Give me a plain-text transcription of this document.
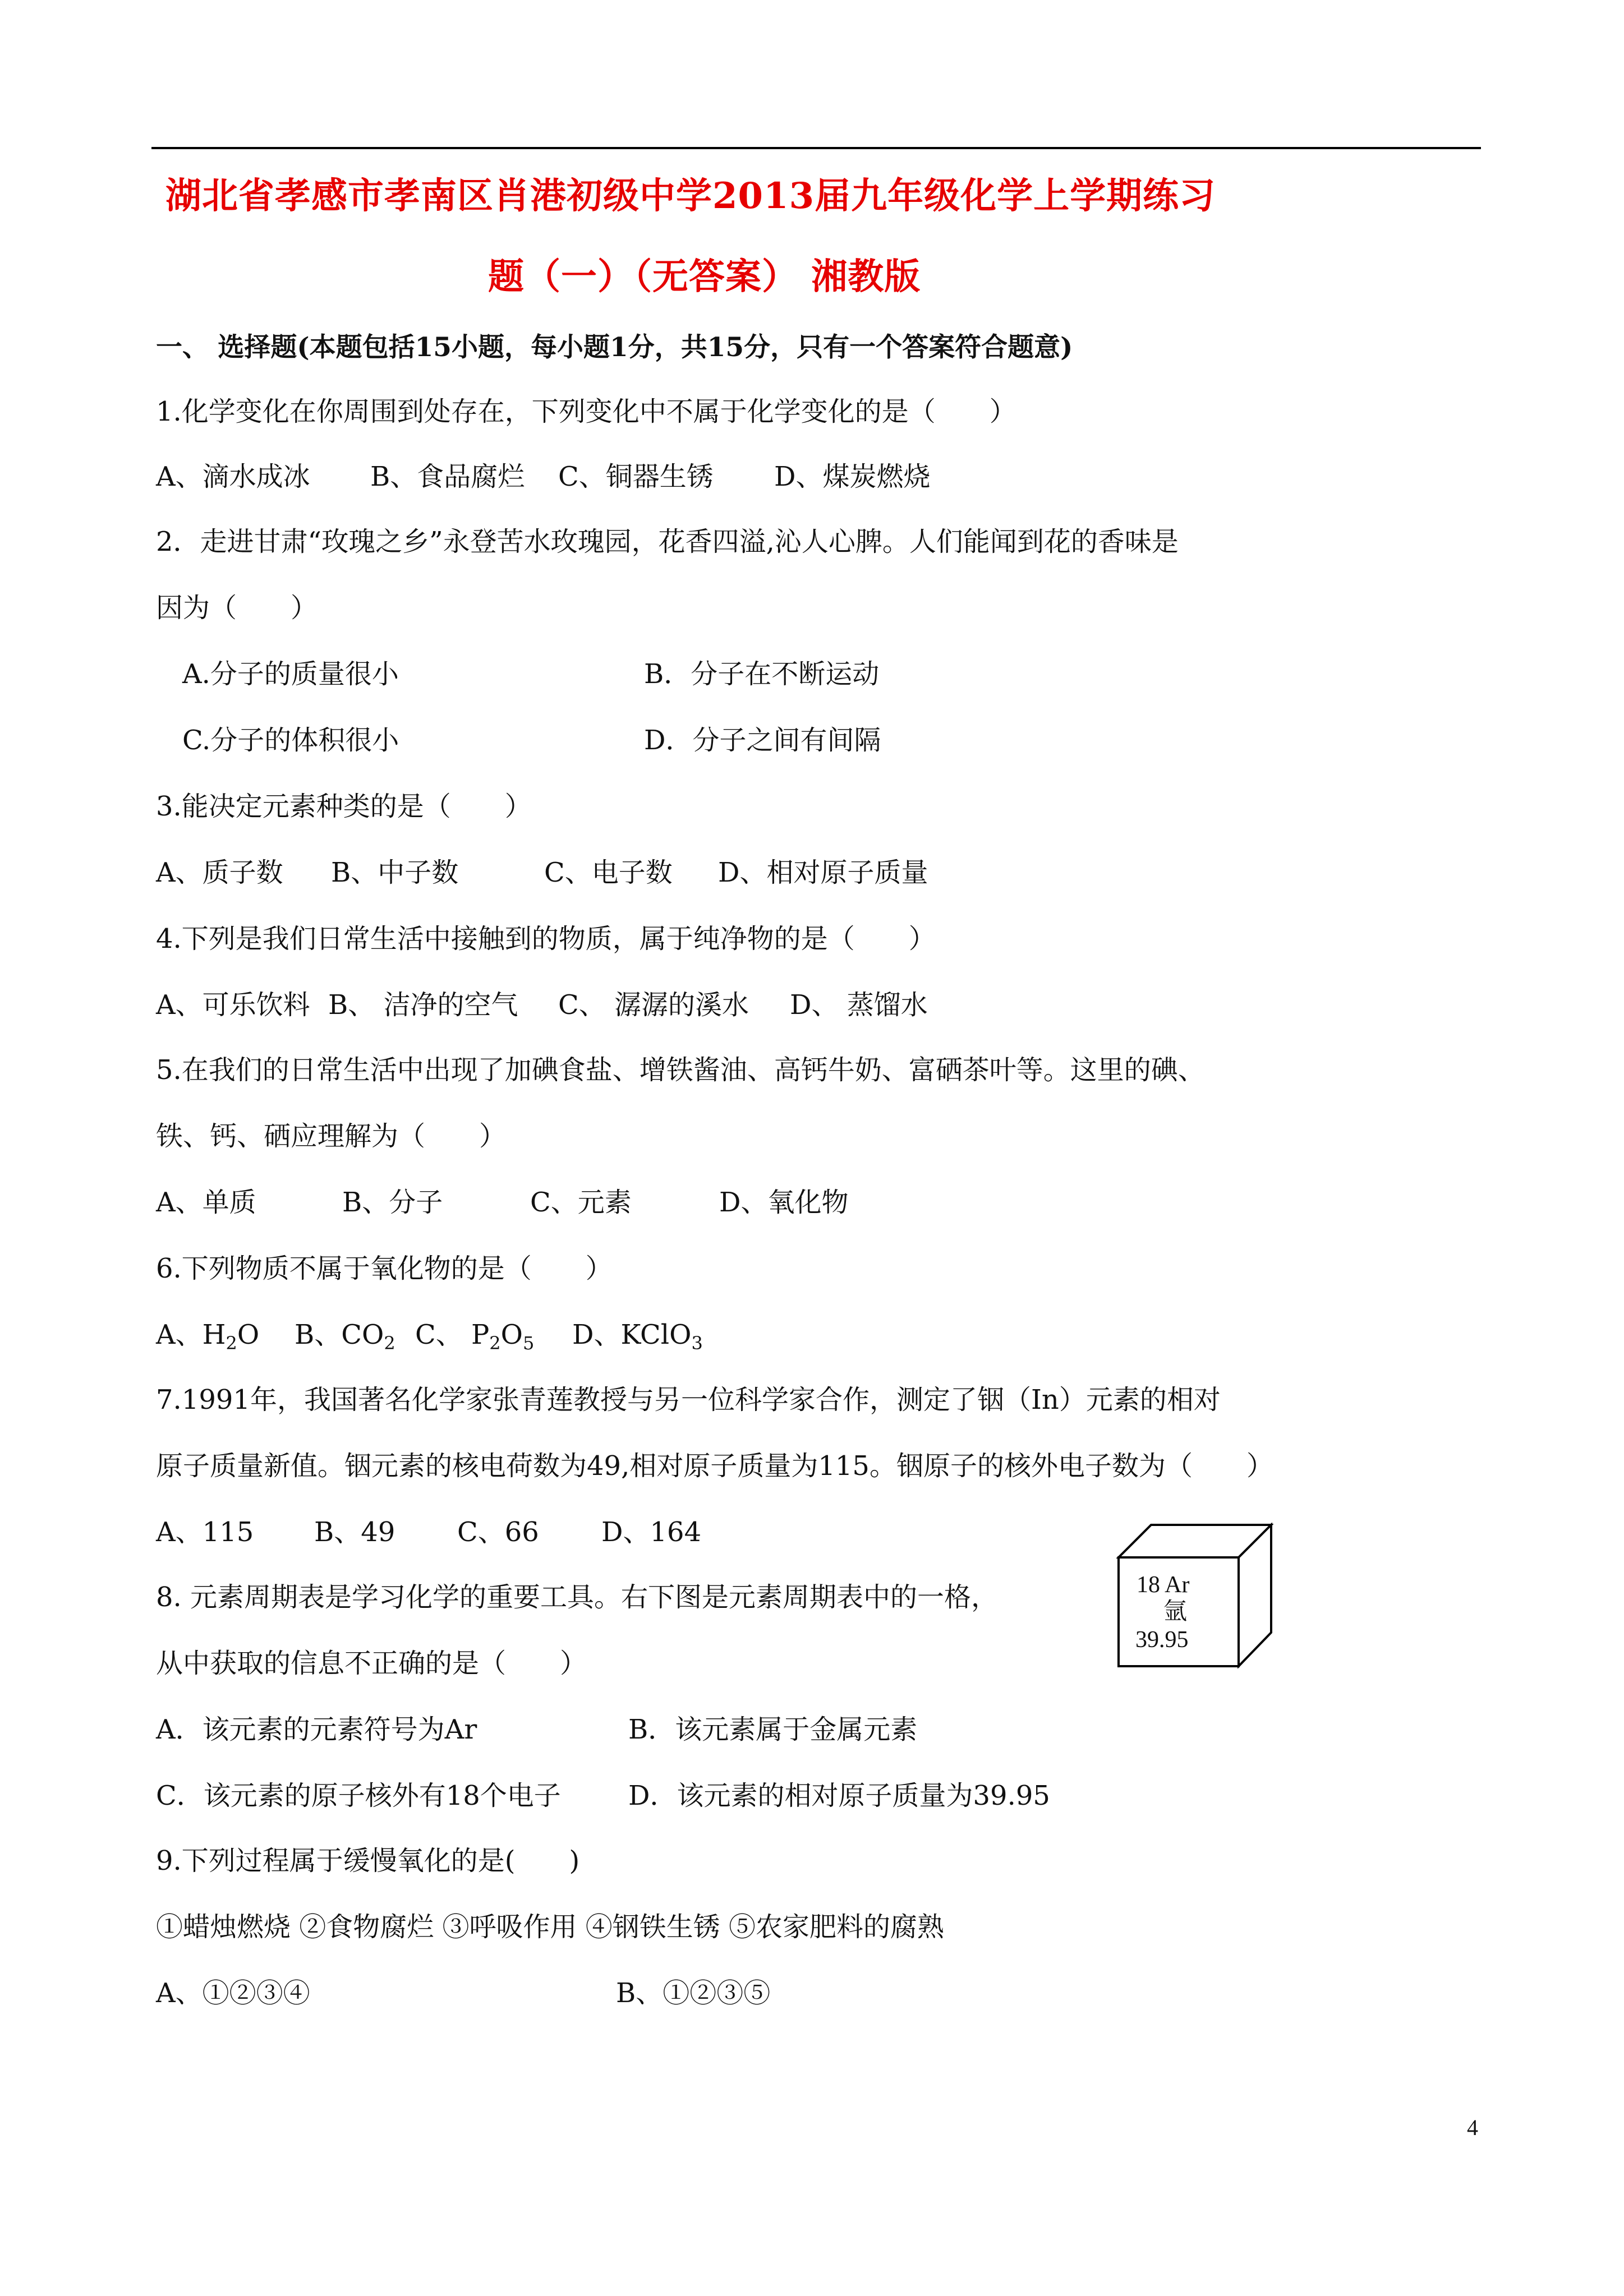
湖北省孝感市孝南区肖港初级中学2013届九年级化学上学期练习
题（一）（无答案） 湘教版
一、 选择题(本题包括15小题，每小题1分，共15分，只有一个答案符合题意)
1.化学变化在你周围到处存在，下列变化中不属于化学变化的是（　　）
A、滴水成冰 B、食品腐烂 C、铜器生锈 D、煤炭燃烧
2．走进甘肃“玫瑰之乡”永登苦水玫瑰园，花香四溢,沁人心脾。人们能闻到花的香味是
因为（　　）
A.分子的质量很小	B．分子在不断运动
C.分子的体积很小	D．分子之间有间隔
3.能决定元素种类的是（　　）
A、质子数 B、中子数	C、电子数 D、相对原子质量
4.下列是我们日常生活中接触到的物质，属于纯净物的是（　　）
A、可乐饮料 B、 洁净的空气 C、 潺潺的溪水 D、 蒸馏水
5.在我们的日常生活中出现了加碘食盐、增铁酱油、高钙牛奶、富硒茶叶等。这里的碘、
铁、钙、硒应理解为（　　）
A、单质	B、分子	C、元素	D、氧化物
6.下列物质不属于氧化物的是（　　）
A、$H_2O$ B、$CO_2$ C、 $P_2O_5$ D、KClO$_3$
7.1991年，我国著名化学家张青莲教授与另一位科学家合作，测定了铟（In）元素的相对
原子质量新值。铟元素的核电荷数为49,相对原子质量为115。铟原子的核外电子数为（　　）
A、115 B、49 C、66 D、164
8. 元素周期表是学习化学的重要工具。右下图是元素周期表中的一格，
从中获取的信息不正确的是（　　）
18 Ar
氩
39.95
A．该元素的元素符号为Ar	B．该元素属于金属元素
C．该元素的原子核外有18个电子	D．该元素的相对原子质量为39.95
9.下列过程属于缓慢氧化的是(　　)
①蜡烛燃烧 ②食物腐烂 ③呼吸作用 ④钢铁生锈 ⑤农家肥料的腐熟
A、①②③④	B、①②③⑤
4
